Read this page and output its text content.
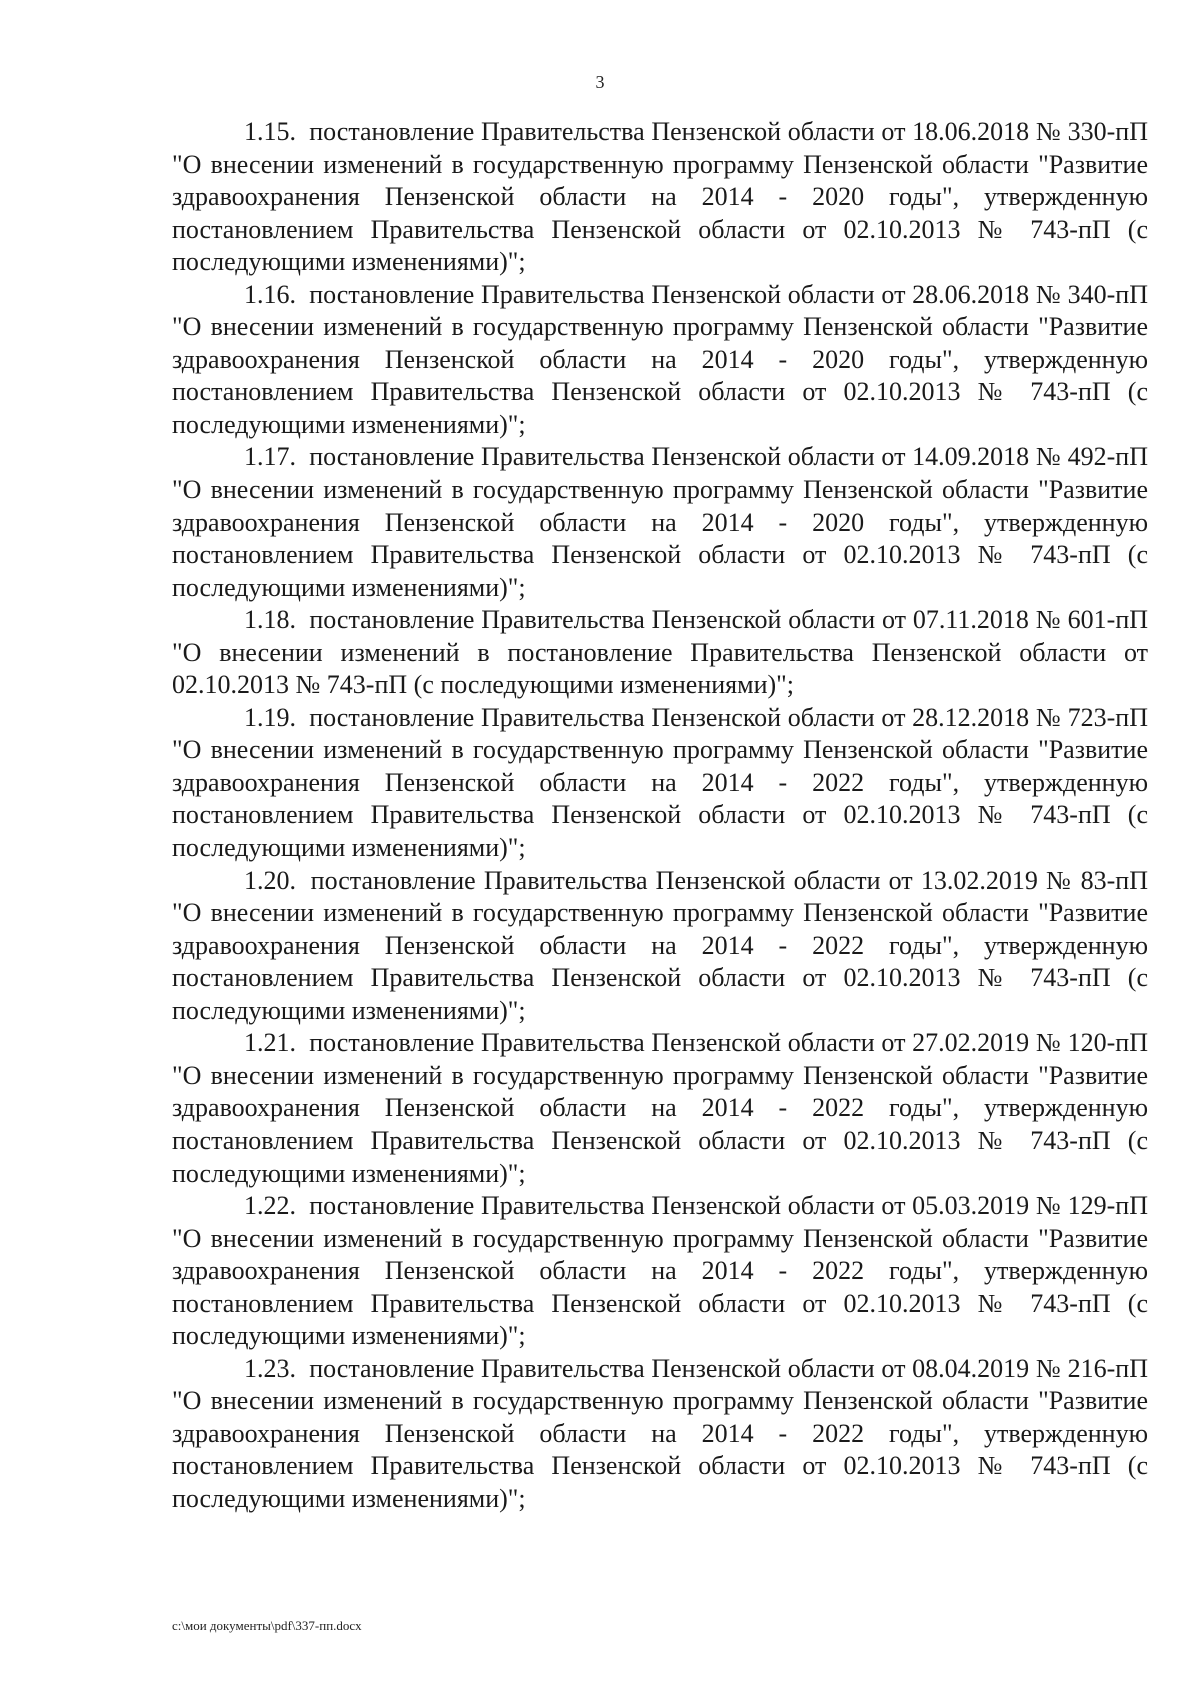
3

1.15. постановление Правительства Пензенской области от 18.06.2018 № 330-пП "О внесении изменений в государственную программу Пензенской области "Развитие здравоохранения Пензенской области на 2014 - 2020 годы", утвержденную постановлением Правительства Пензенской области от 02.10.2013 № 743-пП (с последующими изменениями)";

1.16. постановление Правительства Пензенской области от 28.06.2018 № 340-пП "О внесении изменений в государственную программу Пензенской области "Развитие здравоохранения Пензенской области на 2014 - 2020 годы", утвержденную постановлением Правительства Пензенской области от 02.10.2013 № 743-пП (с последующими изменениями)";

1.17. постановление Правительства Пензенской области от 14.09.2018 № 492-пП "О внесении изменений в государственную программу Пензенской области "Развитие здравоохранения Пензенской области на 2014 - 2020 годы", утвержденную постановлением Правительства Пензенской области от 02.10.2013 № 743-пП (с последующими изменениями)";

1.18. постановление Правительства Пензенской области от 07.11.2018 № 601-пП "О внесении изменений в постановление Правительства Пензенской области от 02.10.2013 № 743-пП (с последующими изменениями)";

1.19. постановление Правительства Пензенской области от 28.12.2018 № 723-пП "О внесении изменений в государственную программу Пензенской области "Развитие здравоохранения Пензенской области на 2014 - 2022 годы", утвержденную постановлением Правительства Пензенской области от 02.10.2013 № 743-пП (с последующими изменениями)";

1.20. постановление Правительства Пензенской области от 13.02.2019 № 83-пП "О внесении изменений в государственную программу Пензенской области "Развитие здравоохранения Пензенской области на 2014 - 2022 годы", утвержденную постановлением Правительства Пензенской области от 02.10.2013 № 743-пП (с последующими изменениями)";

1.21. постановление Правительства Пензенской области от 27.02.2019 № 120-пП "О внесении изменений в государственную программу Пензенской области "Развитие здравоохранения Пензенской области на 2014 - 2022 годы", утвержденную постановлением Правительства Пензенской области от 02.10.2013 № 743-пП (с последующими изменениями)";

1.22. постановление Правительства Пензенской области от 05.03.2019 № 129-пП "О внесении изменений в государственную программу Пензенской области "Развитие здравоохранения Пензенской области на 2014 - 2022 годы", утвержденную постановлением Правительства Пензенской области от 02.10.2013 № 743-пП (с последующими изменениями)";

1.23. постановление Правительства Пензенской области от 08.04.2019 № 216-пП "О внесении изменений в государственную программу Пензенской области "Развитие здравоохранения Пензенской области на 2014 - 2022 годы", утвержденную постановлением Правительства Пензенской области от 02.10.2013 № 743-пП (с последующими изменениями)";

c:\мои документы\pdf\337-пп.docx
